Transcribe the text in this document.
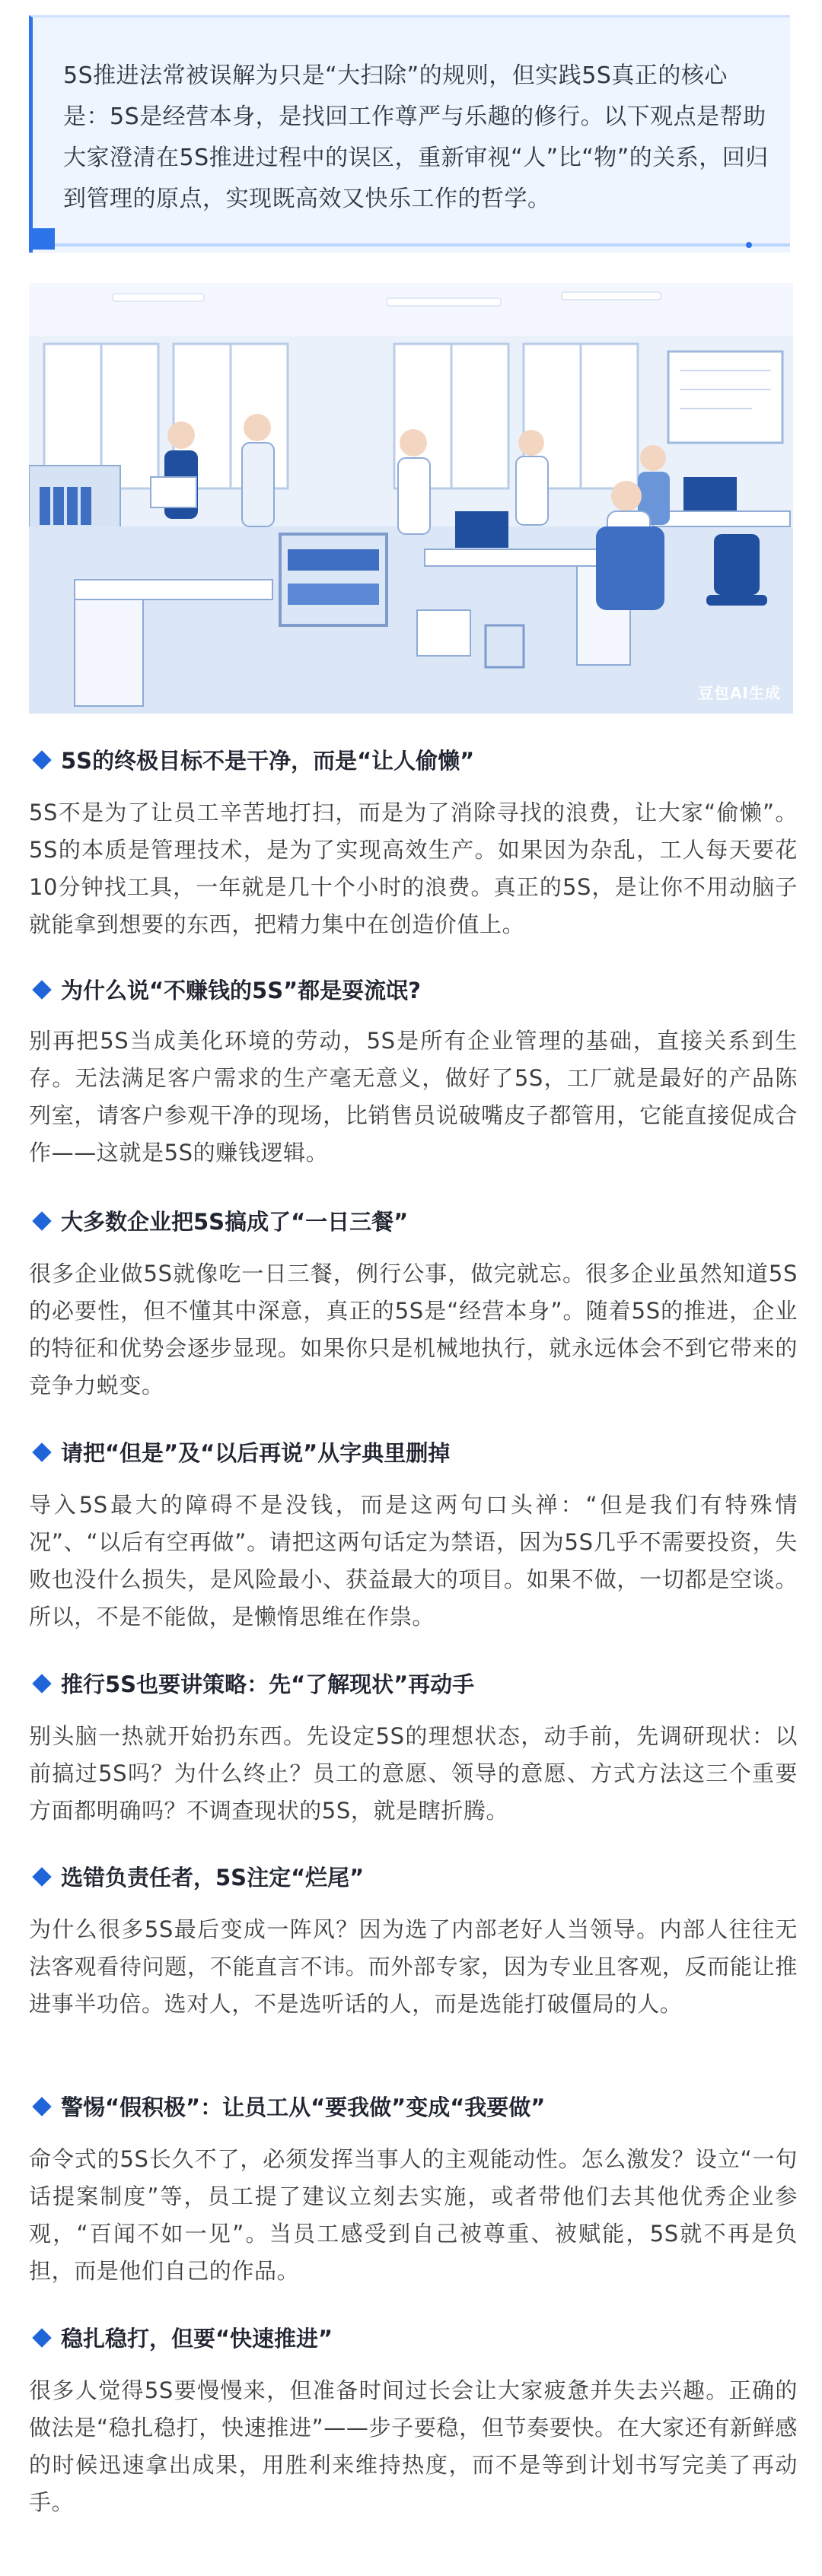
5S推进法常被误解为只是“大扫除”的规则，但实践5S真正的核心是：5S是经营本身，是找回工作尊严与乐趣的修行。以下观点是帮助大家澄清在5S推进过程中的误区，重新审视“人”比“物”的关系，回归到管理的原点，实现既高效又快乐工作的哲学。
豆包AI生成
5S的终极目标不是干净，而是“让人偷懒”
5S不是为了让员工辛苦地打扫，而是为了消除寻找的浪费，让大家“偷懒”。5S的本质是管理技术，是为了实现高效生产。如果因为杂乱，工人每天要花10分钟找工具，一年就是几十个小时的浪费。真正的5S，是让你不用动脑子就能拿到想要的东西，把精力集中在创造价值上。
为什么说“不赚钱的5S”都是耍流氓?
别再把5S当成美化环境的劳动，5S是所有企业管理的基础，直接关系到生存。无法满足客户需求的生产毫无意义，做好了5S，工厂就是最好的产品陈列室，请客户参观干净的现场，比销售员说破嘴皮子都管用，它能直接促成合作——这就是5S的赚钱逻辑。
大多数企业把5S搞成了“一日三餐”
很多企业做5S就像吃一日三餐，例行公事，做完就忘。很多企业虽然知道5S的必要性，但不懂其中深意，真正的5S是“经营本身”。随着5S的推进，企业的特征和优势会逐步显现。如果你只是机械地执行，就永远体会不到它带来的竞争力蜕变。
请把“但是”及“以后再说”从字典里删掉
导入5S最大的障碍不是没钱，而是这两句口头禅：“但是我们有特殊情况”、“以后有空再做”。请把这两句话定为禁语，因为5S几乎不需要投资，失败也没什么损失，是风险最小、获益最大的项目。如果不做，一切都是空谈。所以，不是不能做，是懒惰思维在作祟。
推行5S也要讲策略：先“了解现状”再动手
别头脑一热就开始扔东西。先设定5S的理想状态，动手前，先调研现状：以前搞过5S吗？为什么终止？员工的意愿、领导的意愿、方式方法这三个重要方面都明确吗？不调查现状的5S，就是瞎折腾。
选错负责任者，5S注定“烂尾”
为什么很多5S最后变成一阵风？因为选了内部老好人当领导。内部人往往无法客观看待问题，不能直言不讳。而外部专家，因为专业且客观，反而能让推进事半功倍。选对人，不是选听话的人，而是选能打破僵局的人。
警惕“假积极”：让员工从“要我做”变成“我要做”
命令式的5S长久不了，必须发挥当事人的主观能动性。怎么激发？设立“一句话提案制度”等，员工提了建议立刻去实施，或者带他们去其他优秀企业参观，“百闻不如一见”。当员工感受到自己被尊重、被赋能，5S就不再是负担，而是他们自己的作品。
稳扎稳打，但要“快速推进”
很多人觉得5S要慢慢来，但准备时间过长会让大家疲惫并失去兴趣。正确的做法是“稳扎稳打，快速推进”——步子要稳，但节奏要快。在大家还有新鲜感的时候迅速拿出成果，用胜利来维持热度，而不是等到计划书写完美了再动手。
